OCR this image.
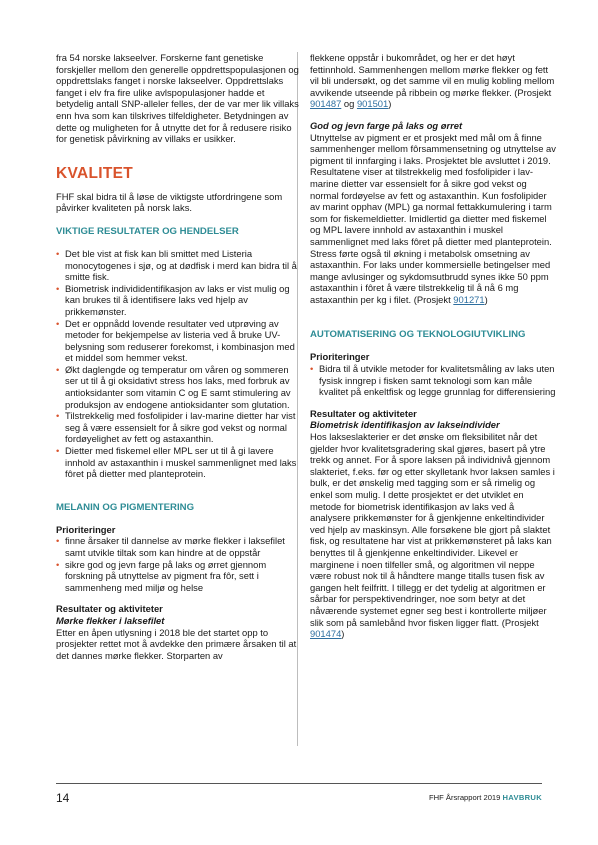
fra 54 norske lakseelver. Forskerne fant genetiske forskjeller mellom den generelle oppdrettspopulasjonen og oppdrettslaks fanget i norske lakseelver. Oppdrettslaks fanget i elv fra fire ulike avlspopulasjoner hadde et betydelig antall SNP-alleler felles, der de var mer lik villaks enn hva som kan tilskrives tilfeldigheter. Betydningen av dette og muligheten for å utnytte det for å redusere risiko for genetisk påvirkning av villaks er usikker.

KVALITET

FHF skal bidra til å løse de viktigste utfordringene som påvirker kvaliteten på norsk laks.

VIKTIGE RESULTATER OG HENDELSER
• Det ble vist at fisk kan bli smittet med Listeria monocytogenes i sjø, og at dødfisk i merd kan bidra til å smitte fisk.
• Biometrisk individidentifikasjon av laks er vist mulig og kan brukes til å identifisere laks ved hjelp av prikkemønster.
• Det er oppnådd lovende resultater ved utprøving av metoder for bekjempelse av listeria ved å bruke UV-belysning som reduserer forekomst, i kombinasjon med et middel som hemmer vekst.
• Økt daglengde og temperatur om våren og sommeren ser ut til å gi oksidativt stress hos laks, med forbruk av antioksidanter som vitamin C og E samt stimulering av produksjon av endogene antioksidanter som glutation.
• Tilstrekkelig med fosfolipider i lav-marine dietter har vist seg å være essensielt for å sikre god vekst og normal fordøyelighet av fett og astaxanthin.
• Dietter med fiskemel eller MPL ser ut til å gi lavere innhold av astaxanthin i muskel sammenlignet med laks fôret på dietter med planteprotein.
MELANIN OG PIGMENTERING
Prioriteringer
• finne årsaker til dannelse av mørke flekker i laksefilet samt utvikle tiltak som kan hindre at de oppstår
• sikre god og jevn farge på laks og ørret gjennom forskning på utnyttelse av pigment fra fôr, sett i sammenheng med miljø og helse
Resultater og aktiviteter
Mørke flekker i laksefilet

Etter en åpen utlysning i 2018 ble det startet opp to prosjekter rettet mot å avdekke den primære årsaken til at det dannes mørke flekker. Storparten av

flekkene oppstår i bukområdet, og her er det høyt fettinnhold. Sammenhengen mellom mørke flekker og fett vil bli undersøkt, og det samme vil en mulig kobling mellom avvikende utseende på ribbein og mørke flekker. (Prosjekt 901487 og 901501)

God og jevn farge på laks og ørret

Utnyttelse av pigment er et prosjekt med mål om å finne sammenhenger mellom fôrsammensetning og utnyttelse av pigment til innfarging i laks. Prosjektet ble avsluttet i 2019. Resultatene viser at tilstrekkelig med fosfolipider i lav-marine dietter var essensielt for å sikre god vekst og normal fordøyelse av fett og astaxanthin. Kun fosfolipider av marint opphav (MPL) ga normal fettakkumulering i tarm som for fiskemeldietter. Imidlertid ga dietter med fiskemel og MPL lavere innhold av astaxanthin i muskel sammenlignet med laks fôret på dietter med planteprotein. Stress førte også til økning i metabolsk omsetning av astaxanthin. For laks under kommersielle betingelser med mange avlusinger og sykdomsutbrudd synes ikke 50 ppm astaxanthin i fôret å være tilstrekkelig til å nå 6 mg astaxanthin per kg i filet. (Prosjekt 901271)

AUTOMATISERING OG TEKNOLOGIUTVIKLING
Prioriteringer
• Bidra til å utvikle metoder for kvalitetsmåling av laks uten fysisk inngrep i fisken samt teknologi som kan måle kvalitet på enkeltfisk og legge grunnlag for differensiering
Resultater og aktiviteter
Biometrisk identifikasjon av lakseindivider

Hos lakseslakterier er det ønske om fleksibilitet når det gjelder hvor kvalitetsgradering skal gjøres, basert på ytre trekk og annet. For å spore laksen på individnivå gjennom slakteriet, f.eks. før og etter skylletank hvor laksen samles i bulk, er det ønskelig med tagging som er så rimelig og enkel som mulig. I dette prosjektet er det utviklet en metode for biometrisk identifikasjon av laks ved å analysere prikkemønster for å gjenkjenne enkeltindivider ved hjelp av maskinsyn. Alle forsøkene ble gjort på slaktet fisk, og resultatene har vist at prikkemønsteret på laks kan benyttes til å gjenkjenne enkeltindivider. Likevel er marginene i noen tilfeller små, og algoritmen vil neppe være robust nok til å håndtere mange titalls tusen fisk av gangen helt feilfritt. I tillegg er det tydelig at algoritmen er sårbar for perspektivendringer, noe som betyr at det nåværende systemet egner seg best i kontrollerte miljøer slik som på samlebånd hvor fisken ligger flatt. (Prosjekt 901474)

14	FHF Årsrapport 2019 HAVBRUK
